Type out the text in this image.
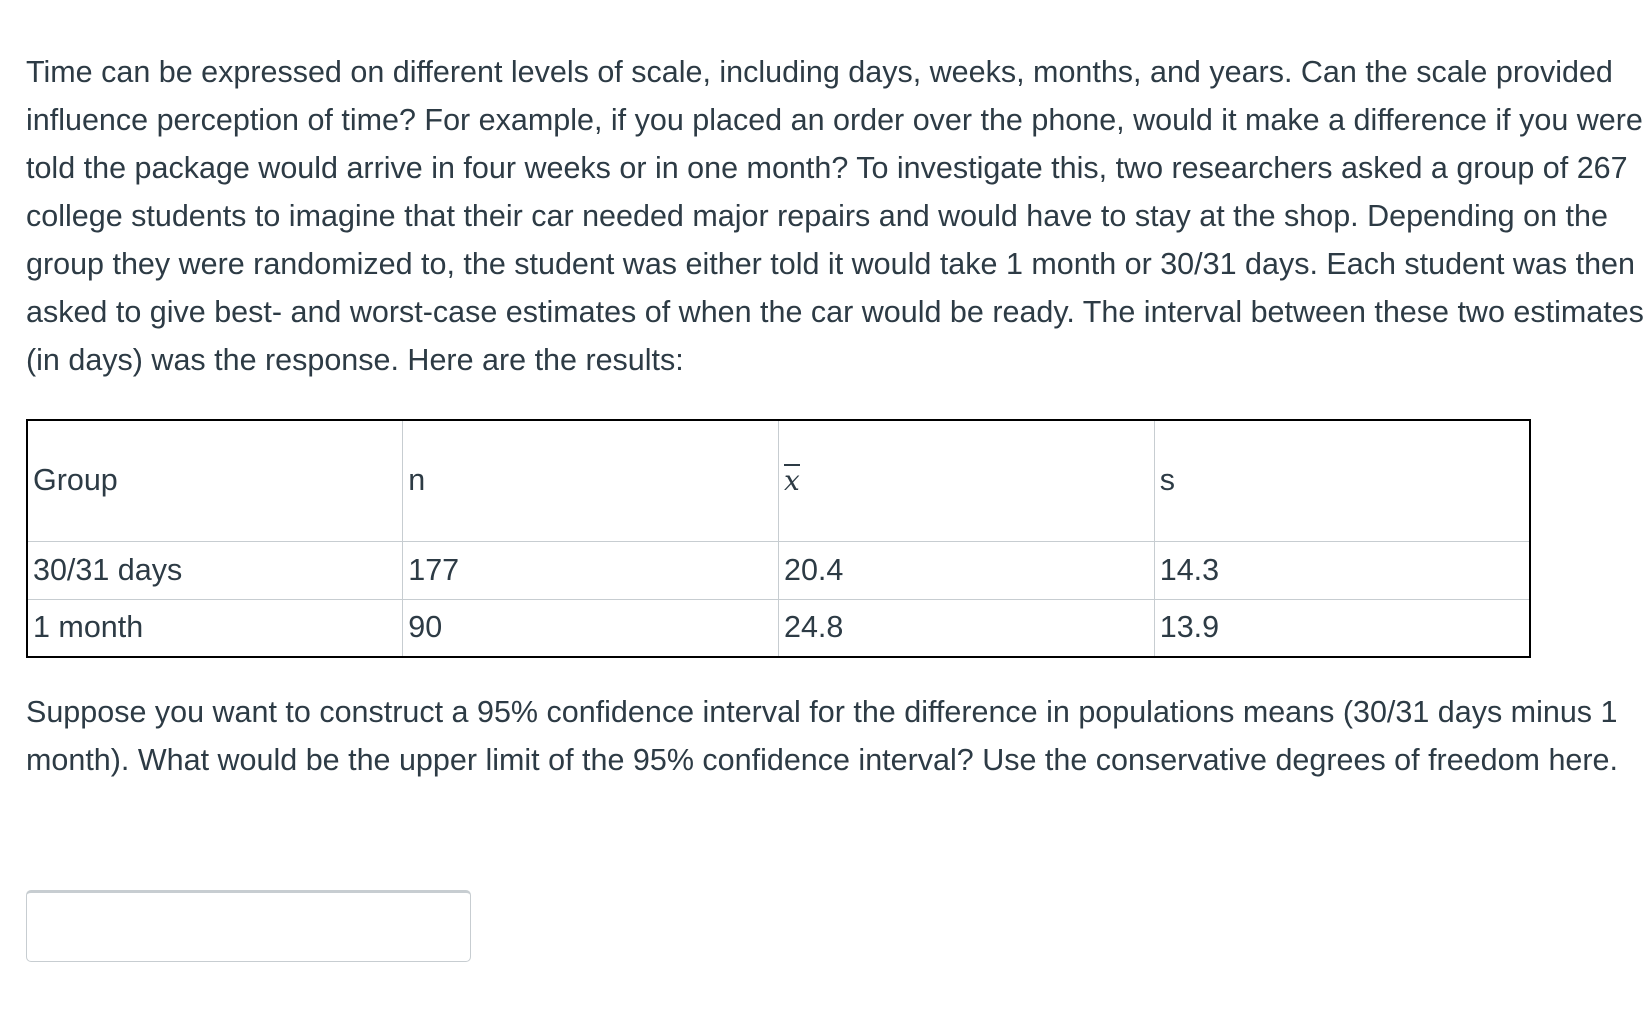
Time can be expressed on different levels of scale, including days, weeks, months, and years. Can the scale provided influence perception of time? For example, if you placed an order over the phone, would it make a difference if you were told the package would arrive in four weeks or in one month? To investigate this, two researchers asked a group of 267 college students to imagine that their car needed major repairs and would have to stay at the shop. Depending on the group they were randomized to, the student was either told it would take 1 month or 30/31 days. Each student was then asked to give best- and worst-case estimates of when the car would be ready. The interval between these two estimates (in days) was the response. Here are the results:

Group	n	x	s
30/31 days	177	20.4	14.3
1 month	90	24.8	13.9

Suppose you want to construct a 95% confidence interval for the difference in populations means (30/31 days minus 1 month). What would be the upper limit of the 95% confidence interval? Use the conservative degrees of freedom here.
